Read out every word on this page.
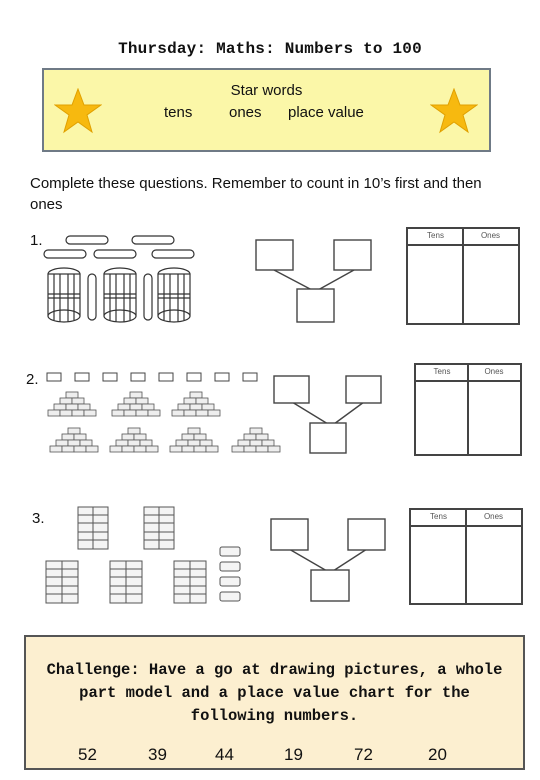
Thursday: Maths: Numbers to 100
Star words
tens ones place value
Complete these questions. Remember to count in 10’s first and then ones
1.	Tens	Ones
2.	Tens	Ones
3.	Tens	Ones
Challenge: Have a go at drawing pictures, a whole part model and a place value chart for the following numbers.
52	39	44	19	72	20
